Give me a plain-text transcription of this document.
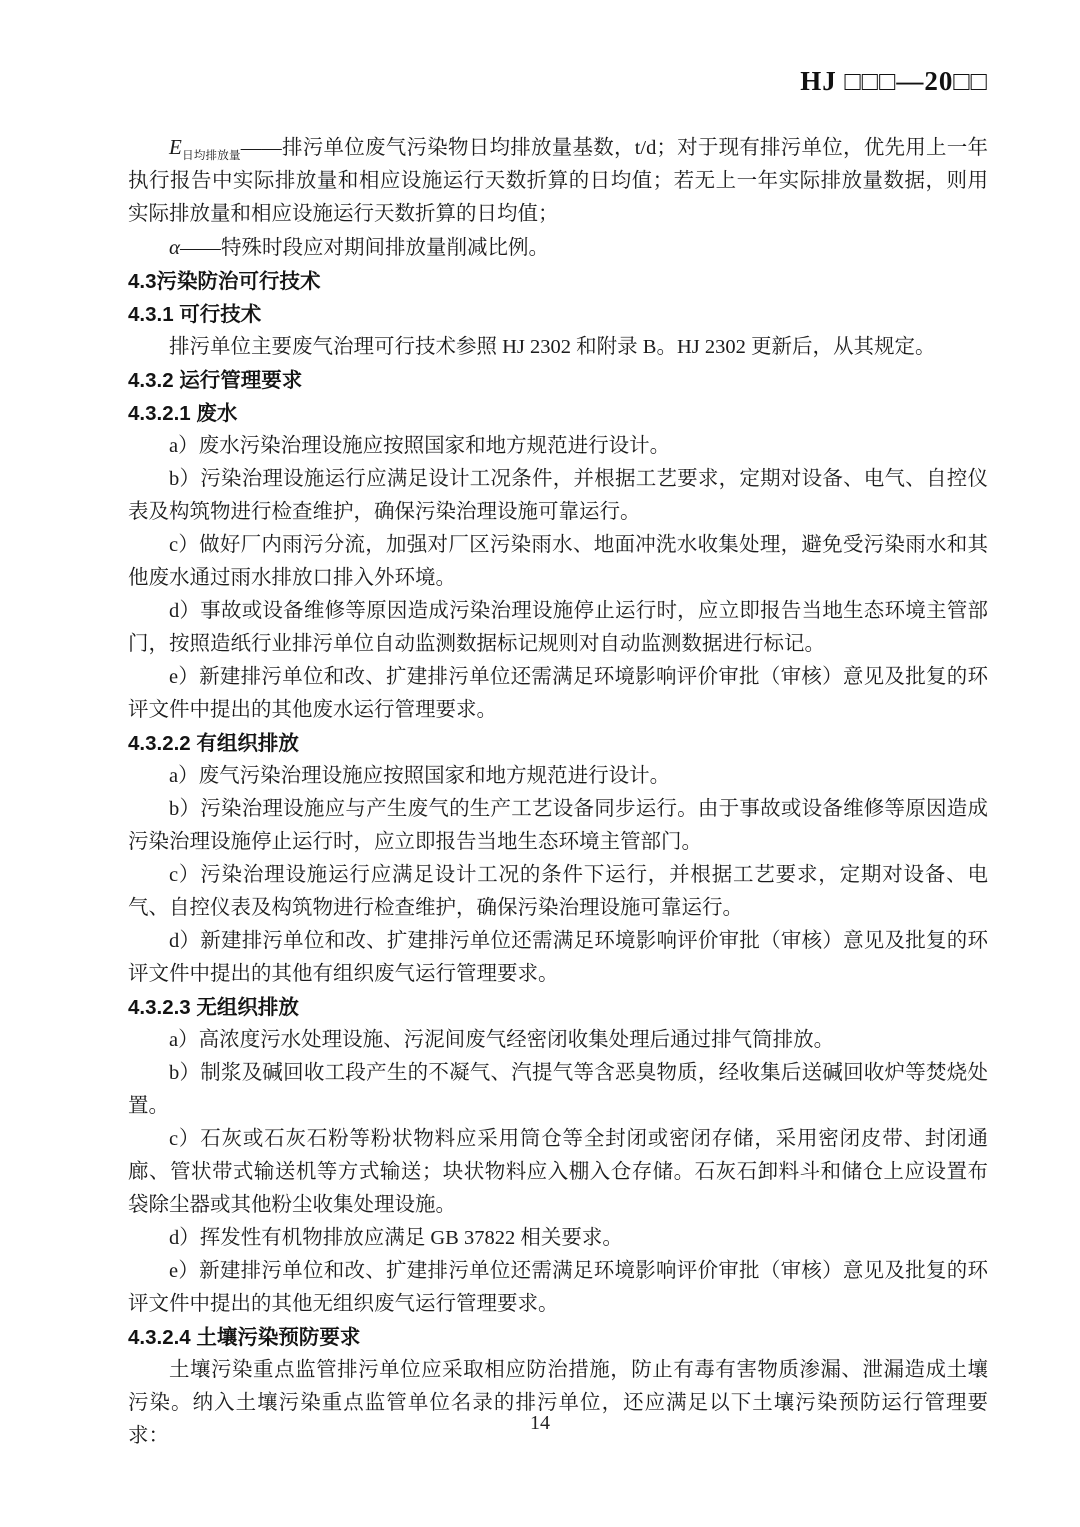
HJ □□□—20□□

$E_{日均排放量}——$排污单位废气污染物日均排放量基数，t/d；对于现有排污单位，优先用上一年执行报告中实际排放量和相应设施运行天数折算的日均值；若无上一年实际排放量数据，则用实际排放量和相应设施运行天数折算的日均值；

α——特殊时段应对期间排放量削减比例。

4.3污染防治可行技术

4.3.1 可行技术

排污单位主要废气治理可行技术参照 HJ 2302 和附录 B。HJ 2302 更新后，从其规定。

4.3.2 运行管理要求

4.3.2.1 废水

a）废水污染治理设施应按照国家和地方规范进行设计。

b）污染治理设施运行应满足设计工况条件，并根据工艺要求，定期对设备、电气、自控仪表及构筑物进行检查维护，确保污染治理设施可靠运行。

c）做好厂内雨污分流，加强对厂区污染雨水、地面冲洗水收集处理，避免受污染雨水和其他废水通过雨水排放口排入外环境。

d）事故或设备维修等原因造成污染治理设施停止运行时，应立即报告当地生态环境主管部门，按照造纸行业排污单位自动监测数据标记规则对自动监测数据进行标记。

e）新建排污单位和改、扩建排污单位还需满足环境影响评价审批（审核）意见及批复的环评文件中提出的其他废水运行管理要求。

4.3.2.2 有组织排放

a）废气污染治理设施应按照国家和地方规范进行设计。

b）污染治理设施应与产生废气的生产工艺设备同步运行。由于事故或设备维修等原因造成污染治理设施停止运行时，应立即报告当地生态环境主管部门。

c）污染治理设施运行应满足设计工况的条件下运行，并根据工艺要求，定期对设备、电气、自控仪表及构筑物进行检查维护，确保污染治理设施可靠运行。

d）新建排污单位和改、扩建排污单位还需满足环境影响评价审批（审核）意见及批复的环评文件中提出的其他有组织废气运行管理要求。

4.3.2.3 无组织排放

a）高浓度污水处理设施、污泥间废气经密闭收集处理后通过排气筒排放。

b）制浆及碱回收工段产生的不凝气、汽提气等含恶臭物质，经收集后送碱回收炉等焚烧处置。

c）石灰或石灰石粉等粉状物料应采用筒仓等全封闭或密闭存储，采用密闭皮带、封闭通廊、管状带式输送机等方式输送；块状物料应入棚入仓存储。石灰石卸料斗和储仓上应设置布袋除尘器或其他粉尘收集处理设施。

d）挥发性有机物排放应满足 GB 37822 相关要求。

e）新建排污单位和改、扩建排污单位还需满足环境影响评价审批（审核）意见及批复的环评文件中提出的其他无组织废气运行管理要求。

4.3.2.4 土壤污染预防要求

土壤污染重点监管排污单位应采取相应防治措施，防止有毒有害物质渗漏、泄漏造成土壤污染。纳入土壤污染重点监管单位名录的排污单位，还应满足以下土壤污染预防运行管理要求：

14
